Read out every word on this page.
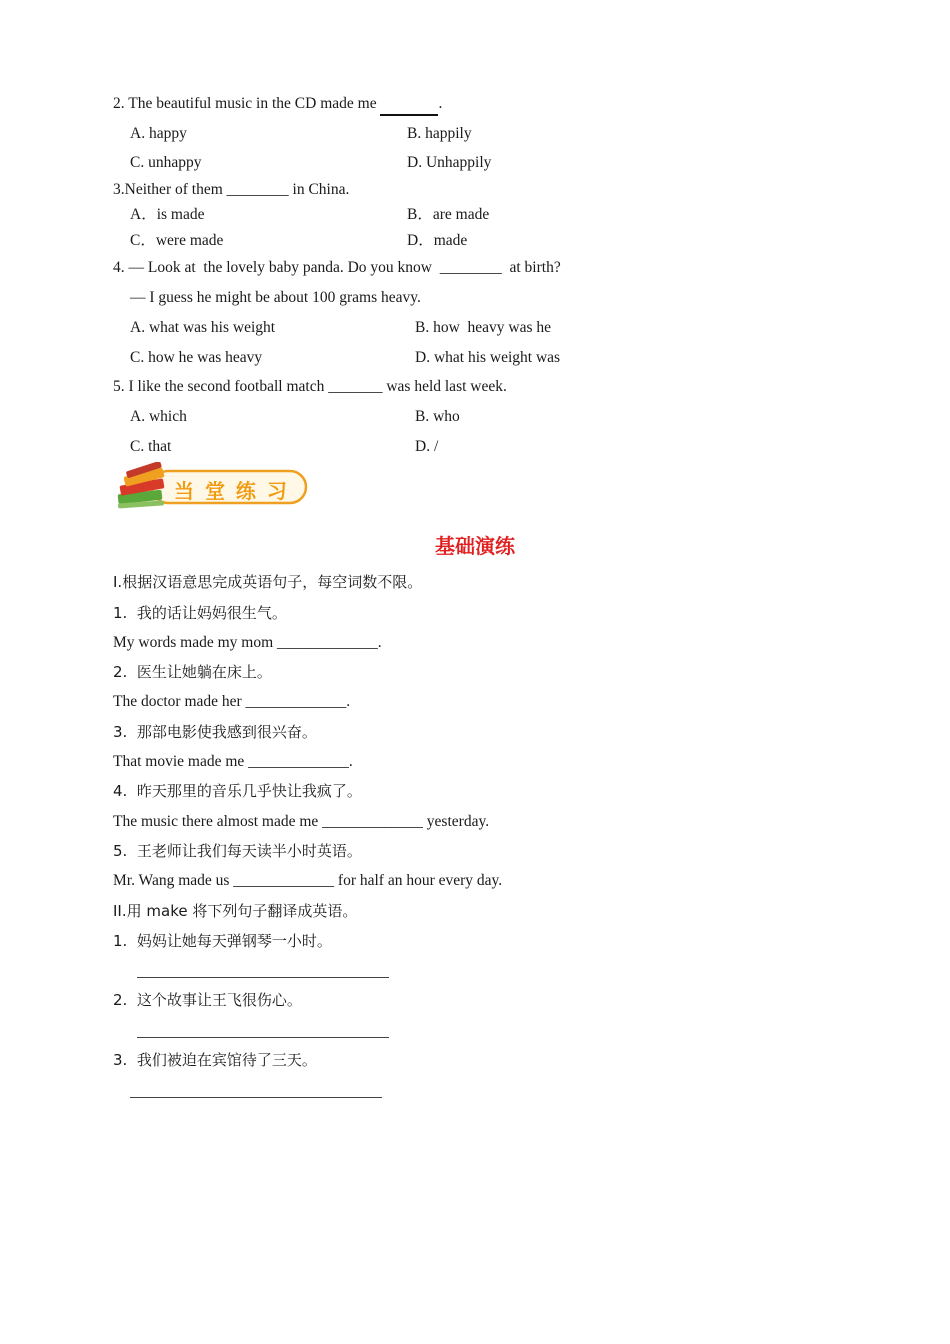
2. The beautiful music in the CD made me	.
A. happy	B. happily
C. unhappy	D. Unhappily
3.Neither of them ________ in China.
A．is made	B．are made
C．were made	D．made
4. — Look at  the lovely baby panda. Do you know  ________  at birth?
— I guess he might be about 100 grams heavy.
A. what was his weight	B. how  heavy was he
C. how he was heavy	D. what his weight was
5. I like the second football match _______ was held last week.
A. which	B. who
C. that	D. /
当 堂 练 习
基础演练
I.根据汉语意思完成英语句子，每空词数不限。
1.  我的话让妈妈很生气。
My words made my mom _____________.
2.  医生让她躺在床上。
The doctor made her _____________.
3.  那部电影使我感到很兴奋。
That movie made me _____________.
4.  昨天那里的音乐几乎快让我疯了。
The music there almost made me _____________ yesterday.
5.  王老师让我们每天读半小时英语。
Mr. Wang made us _____________ for half an hour every day.
II.用 make 将下列句子翻译成英语。
1.  妈妈让她每天弹钢琴一小时。
2.  这个故事让王飞很伤心。
3.  我们被迫在宾馆待了三天。
